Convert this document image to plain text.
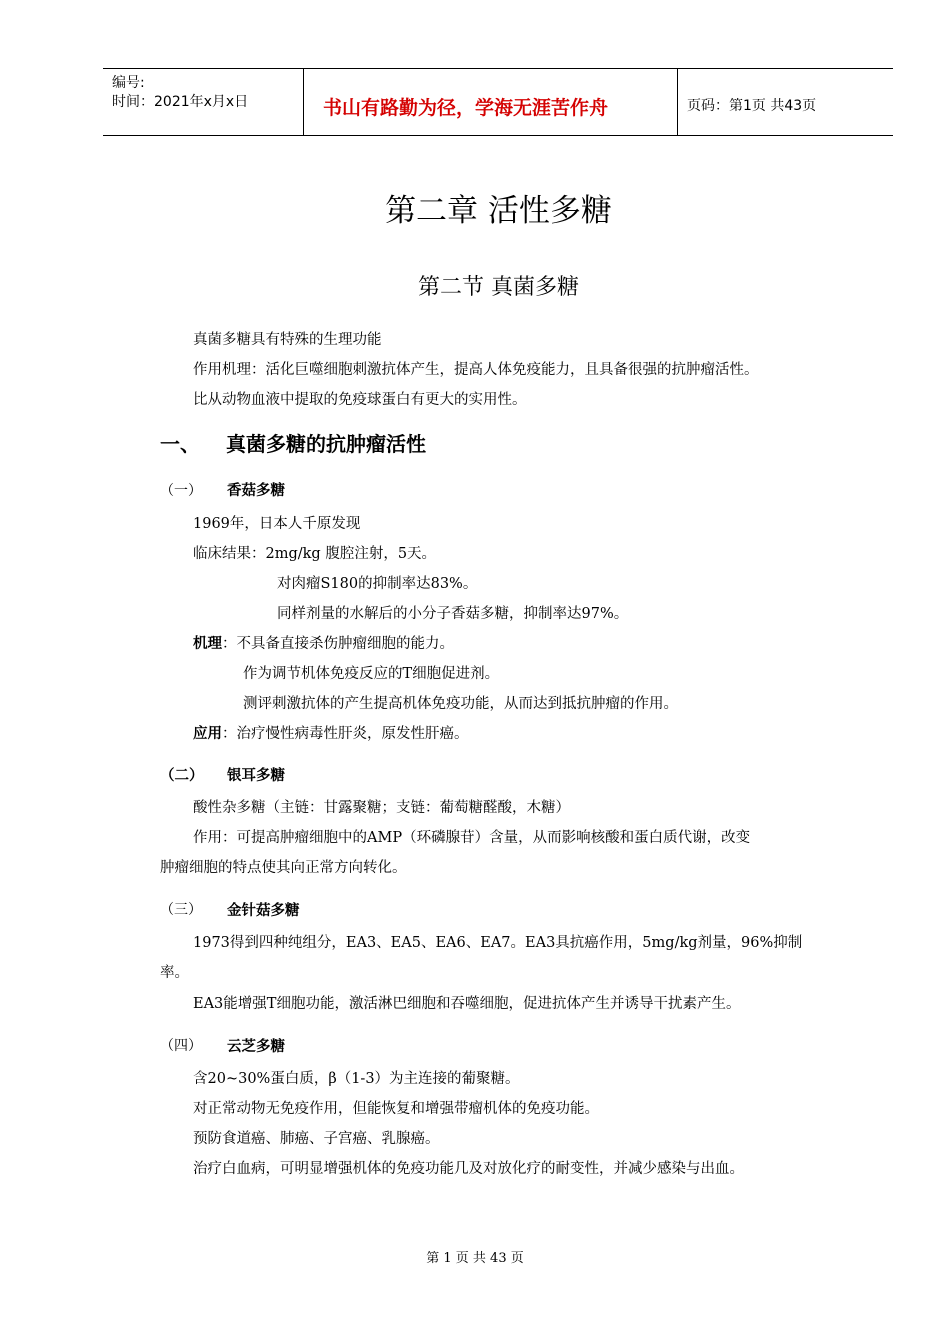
编号:
时间：2021年x月x日	书山有路勤为径，学海无涯苦作舟	页码：第1页 共43页
第二章 活性多糖
第二节 真菌多糖
真菌多糖具有特殊的生理功能
作用机理：活化巨噬细胞刺激抗体产生，提高人体免疫能力，且具备很强的抗肿瘤活性。
比从动物血液中提取的免疫球蛋白有更大的实用性。
一、 真菌多糖的抗肿瘤活性
（一） 香菇多糖
1969年，日本人千原发现
临床结果：2mg/kg 腹腔注射，5天。
对肉瘤S180的抑制率达83%。
同样剂量的水解后的小分子香菇多糖，抑制率达97%。
机理：不具备直接杀伤肿瘤细胞的能力。
作为调节机体免疫反应的T细胞促进剂。
测评刺激抗体的产生提高机体免疫功能，从而达到抵抗肿瘤的作用。
应用：治疗慢性病毒性肝炎，原发性肝癌。
（二） 银耳多糖
酸性杂多糖（主链：甘露聚糖；支链：葡萄糖醛酸，木糖）
作用：可提高肿瘤细胞中的AMP（环磷腺苷）含量，从而影响核酸和蛋白质代谢，改变
肿瘤细胞的特点使其向正常方向转化。
（三） 金针菇多糖
1973得到四种纯组分，EA3、EA5、EA6、EA7。EA3具抗癌作用，5mg/kg剂量，96%抑制
率。
EA3能增强T细胞功能，激活淋巴细胞和吞噬细胞，促进抗体产生并诱导干扰素产生。
（四） 云芝多糖
含20~30%蛋白质，β（1-3）为主连接的葡聚糖。
对正常动物无免疫作用，但能恢复和增强带瘤机体的免疫功能。
预防食道癌、肺癌、子宫癌、乳腺癌。
治疗白血病，可明显增强机体的免疫功能几及对放化疗的耐变性，并减少感染与出血。
第 1 页 共 43 页
